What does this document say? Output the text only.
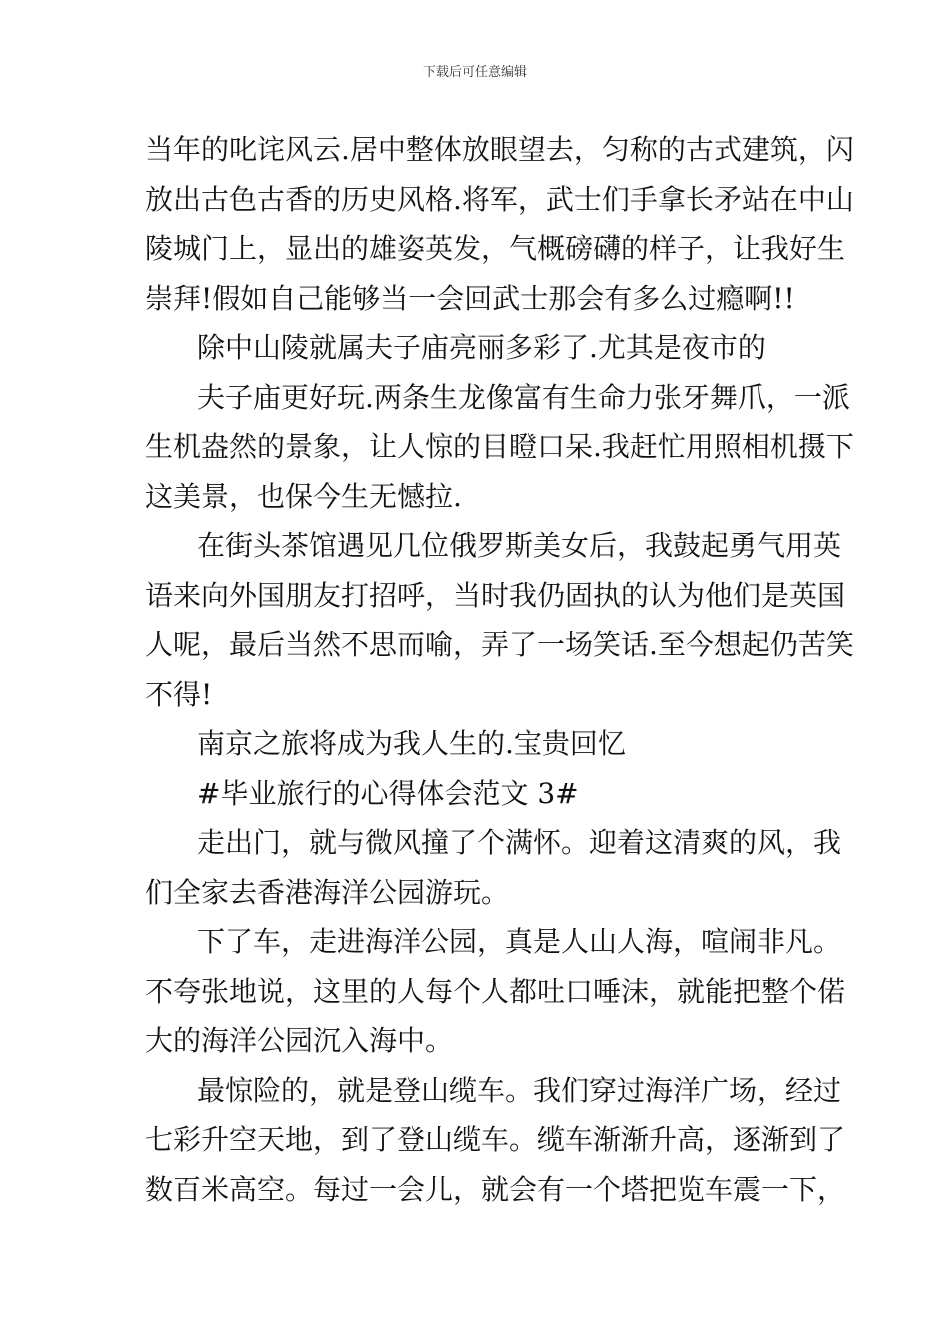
下载后可任意编辑
当年的叱诧风云.居中整体放眼望去，匀称的古式建筑，闪
放出古色古香的历史风格.将军，武士们手拿长矛站在中山
陵城门上，显出的雄姿英发，气概磅礴的样子，让我好生
崇拜!假如自己能够当一会回武士那会有多么过瘾啊!!
除中山陵就属夫子庙亮丽多彩了.尤其是夜市的
夫子庙更好玩.两条生龙像富有生命力张牙舞爪，一派
生机盎然的景象，让人惊的目瞪口呆.我赶忙用照相机摄下
这美景，也保今生无憾拉.
在街头茶馆遇见几位俄罗斯美女后，我鼓起勇气用英
语来向外国朋友打招呼，当时我仍固执的认为他们是英国
人呢，最后当然不思而喻，弄了一场笑话.至今想起仍苦笑
不得!
南京之旅将成为我人生的.宝贵回忆
#毕业旅行的心得体会范文 3#
走出门，就与微风撞了个满怀。迎着这清爽的风，我
们全家去香港海洋公园游玩。
下了车，走进海洋公园，真是人山人海，喧闹非凡。
不夸张地说，这里的人每个人都吐口唾沫，就能把整个偌
大的海洋公园沉入海中。
最惊险的，就是登山缆车。我们穿过海洋广场，经过
七彩升空天地，到了登山缆车。缆车渐渐升高，逐渐到了
数百米高空。每过一会儿，就会有一个塔把览车震一下，
